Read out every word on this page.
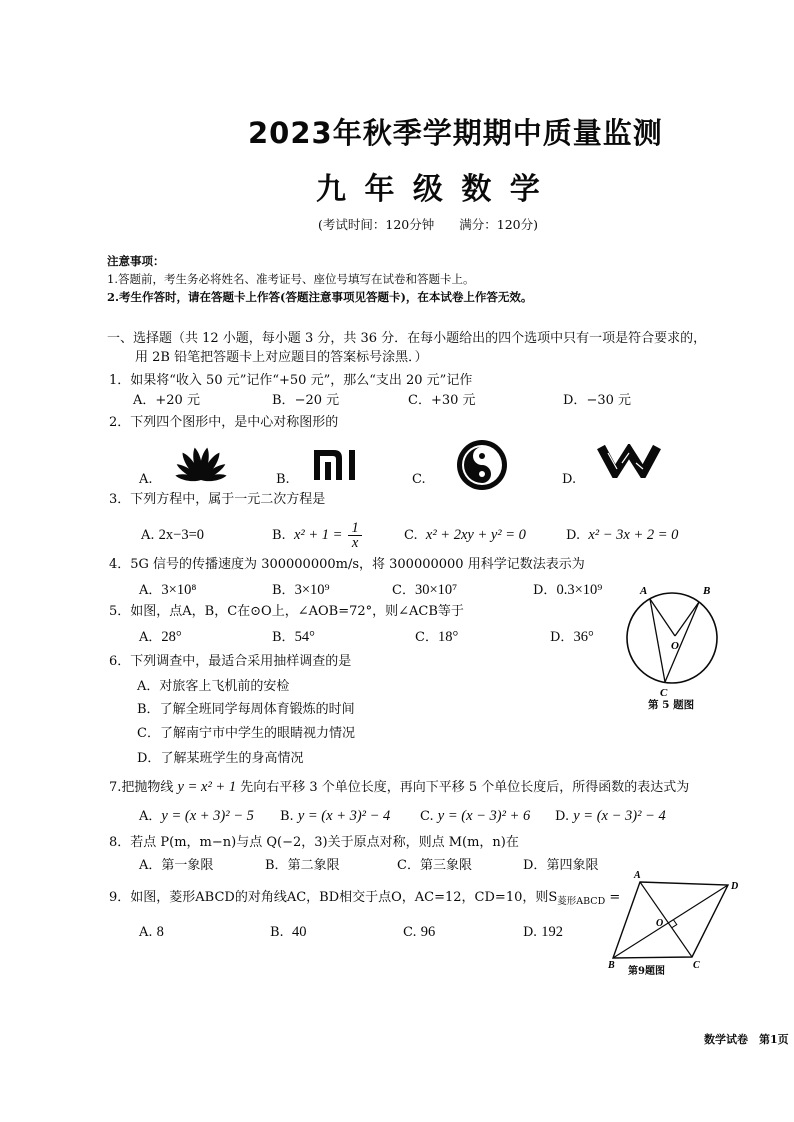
2023年秋季学期期中质量监测
九 年 级 数 学
(考试时间：120分钟　　满分：120分)
注意事项：
1.答题前，考生务必将姓名、准考证号、座位号填写在试卷和答题卡上。
2.考生作答时，请在答题卡上作答(答题注意事项见答题卡)，在本试卷上作答无效。
一、选择题（共 12 小题，每小题 3 分，共 36 分．在每小题给出的四个选项中只有一项是符合要求的，
用 2B 铅笔把答题卡上对应题目的答案标号涂黑．）
1．如果将“收入 50 元”记作“+50 元”，那么“支出 20 元”记作
A．+20 元	B．−20 元	C．+30 元	D．−30 元
2．下列四个图形中，是中心对称图形的
A.	B.	C.	D.
3．下列方程中，属于一元二次方程是
A. 2x−3=0	B. $x^2 + 1 = \frac{1}{x}$	C. x² + 2xy + y² = 0	D. x² − 3x + 2 = 0
4．5G 信号的传播速度为 300000000m/s，将 300000000 用科学记数法表示为
A．3×10⁸	B．3×10⁹	C．30×10⁷	D．0.3×10⁹
5．如图，点A，B，C在⊙O上，∠AOB=72°，则∠ACB等于
A．28°	B．54°	C．18°	D．36°
A	B
C
O
第 5 题图
6．下列调查中，最适合采用抽样调查的是
A．对旅客上飞机前的安检
B．了解全班同学每周体育锻炼的时间
C．了解南宁市中学生的眼睛视力情况
D．了解某班学生的身高情况
7.把抛物线 y = x² + 1 先向右平移 3 个单位长度，再向下平移 5 个单位长度后，所得函数的表达式为
A．y = (x + 3)² − 5 B. y = (x + 3)² − 4 C. y = (x − 3)² + 6 D. y = (x − 3)² − 4
8．若点 P(m，m−n)与点 Q(−2，3)关于原点对称，则点 M(m，n)在
A．第一象限	B．第二象限	C．第三象限	D．第四象限
9．如图，菱形ABCD的对角线AC，BD相交于点O，AC=12，CD=10，则$S_{菱形ABCD}$ =
A. 8	B. 40	C. 96	D. 192
A
D
B	C
O
第9题图
数学试卷　第1页
